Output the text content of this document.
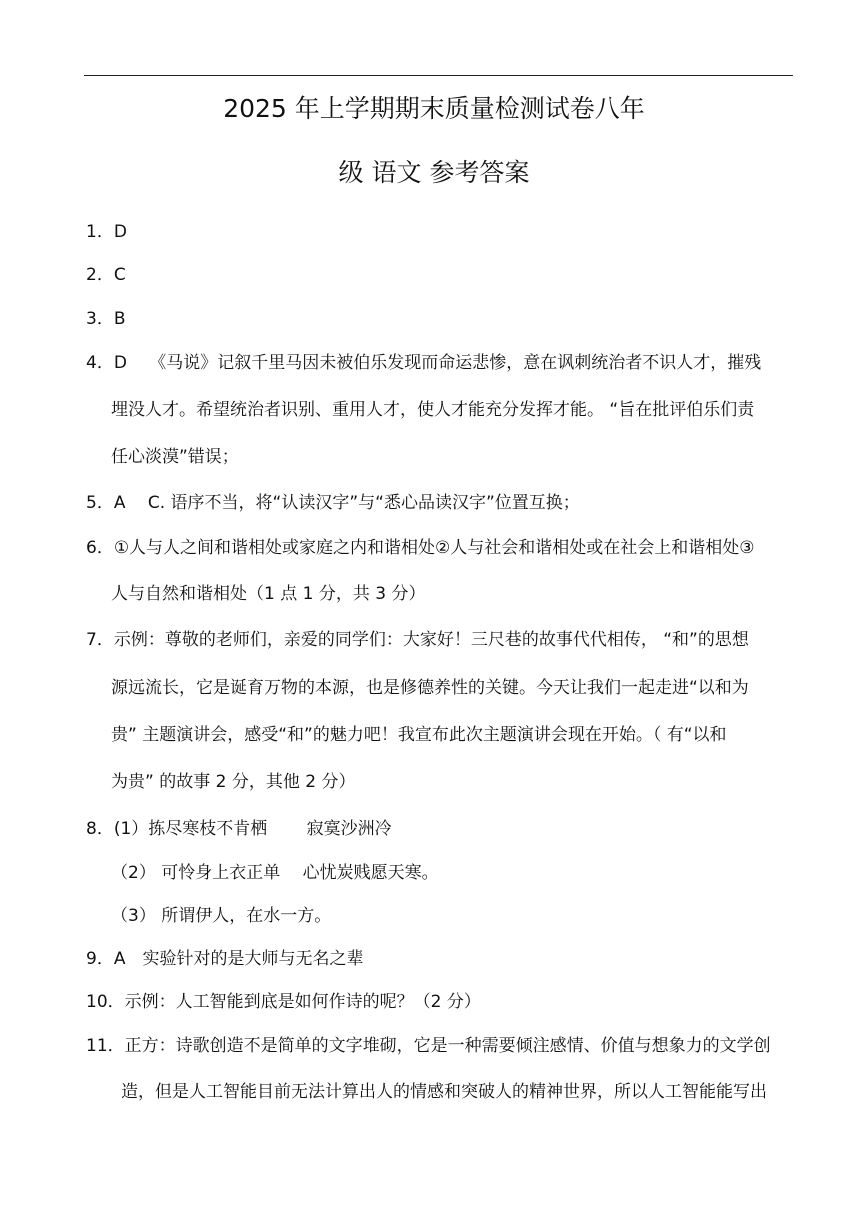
2025 年上学期期末质量检测试卷八年
级 语文 参考答案
1．D
2．C
3．B
4．D　 《马说》记叙千里马因未被伯乐发现而命运悲惨，意在讽刺统治者不识人才，摧残
埋没人才。希望统治者识别、重用人才，使人才能充分发挥才能。 “旨在批评伯乐们责
任心淡漠”错误；
5．A　 C. 语序不当，将“认读汉字”与“悉心品读汉字”位置互换；
6．①人与人之间和谐相处或家庭之内和谐相处②人与社会和谐相处或在社会上和谐相处③
人与自然和谐相处（1 点 1 分，共 3 分）
7．示例：尊敬的老师们，亲爱的同学们：大家好！三尺巷的故事代代相传， “和”的思想
源远流长，它是诞育万物的本源，也是修德养性的关键。今天让我们一起走进“以和为
贵” 主题演讲会，感受“和”的魅力吧！我宣布此次主题演讲会现在开始。（ 有“以和
为贵” 的故事 2 分，其他 2 分）
8．(1）拣尽寒枝不肯栖　　 寂寞沙洲冷
（2） 可怜身上衣正单　 心忧炭贱愿天寒。
（3） 所谓伊人，在水一方。
9．A　实验针对的是大师与无名之辈
10．示例：人工智能到底是如何作诗的呢？（2 分）
11．正方：诗歌创造不是简单的文字堆砌，它是一种需要倾注感情、价值与想象力的文学创
造，但是人工智能目前无法计算出人的情感和突破人的精神世界，所以人工智能能写出
